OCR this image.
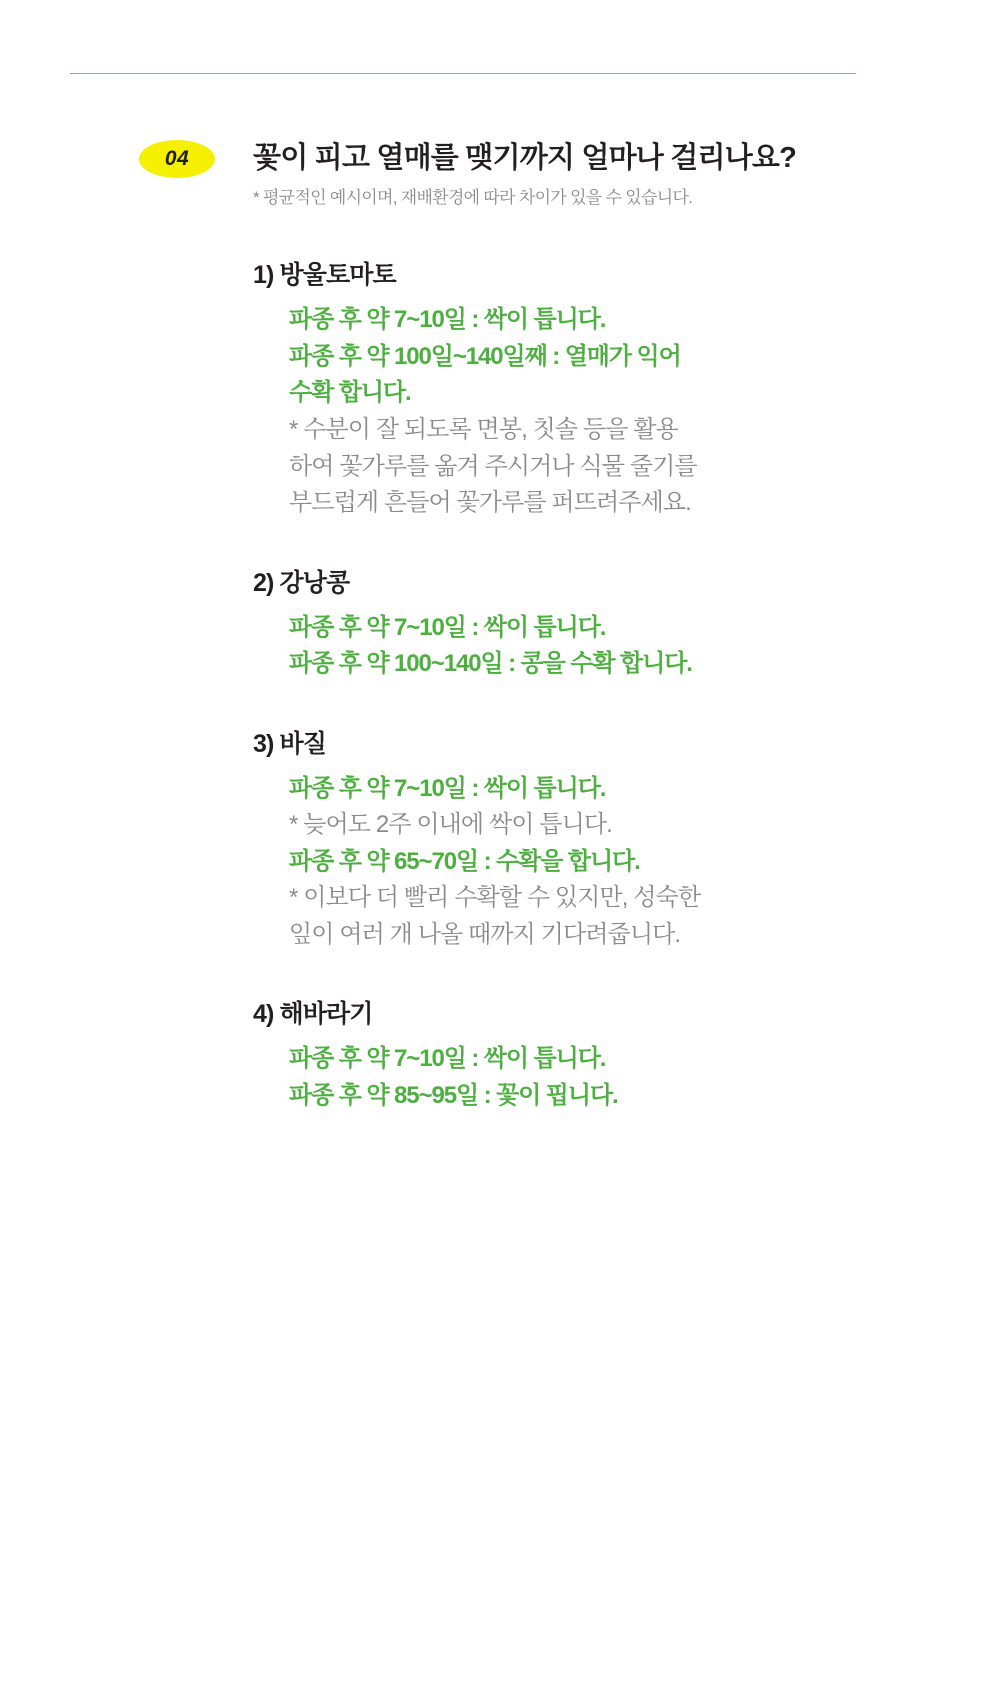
04 꽃이 피고 열매를 맺기까지 얼마나 걸리나요?
* 평균적인 예시이며, 재배환경에 따라 차이가 있을 수 있습니다.
1) 방울토마토
파종 후 약 7~10일 : 싹이 틉니다.
파종 후 약 100일~140일째 : 열매가 익어
수확 합니다.
* 수분이 잘 되도록 면봉, 칫솔 등을 활용
하여 꽃가루를 옮겨 주시거나 식물 줄기를
부드럽게 흔들어 꽃가루를 퍼뜨려주세요.
2) 강낭콩
파종 후 약 7~10일 : 싹이 틉니다.
파종 후 약 100~140일 : 콩을 수확 합니다.
3) 바질
파종 후 약 7~10일 : 싹이 틉니다.
* 늦어도 2주 이내에 싹이 틉니다.
파종 후 약 65~70일 : 수확을 합니다.
* 이보다 더 빨리 수확할 수 있지만, 성숙한
잎이 여러 개 나올 때까지 기다려줍니다.
4) 해바라기
파종 후 약 7~10일 : 싹이 틉니다.
파종 후 약 85~95일 : 꽃이 핍니다.
